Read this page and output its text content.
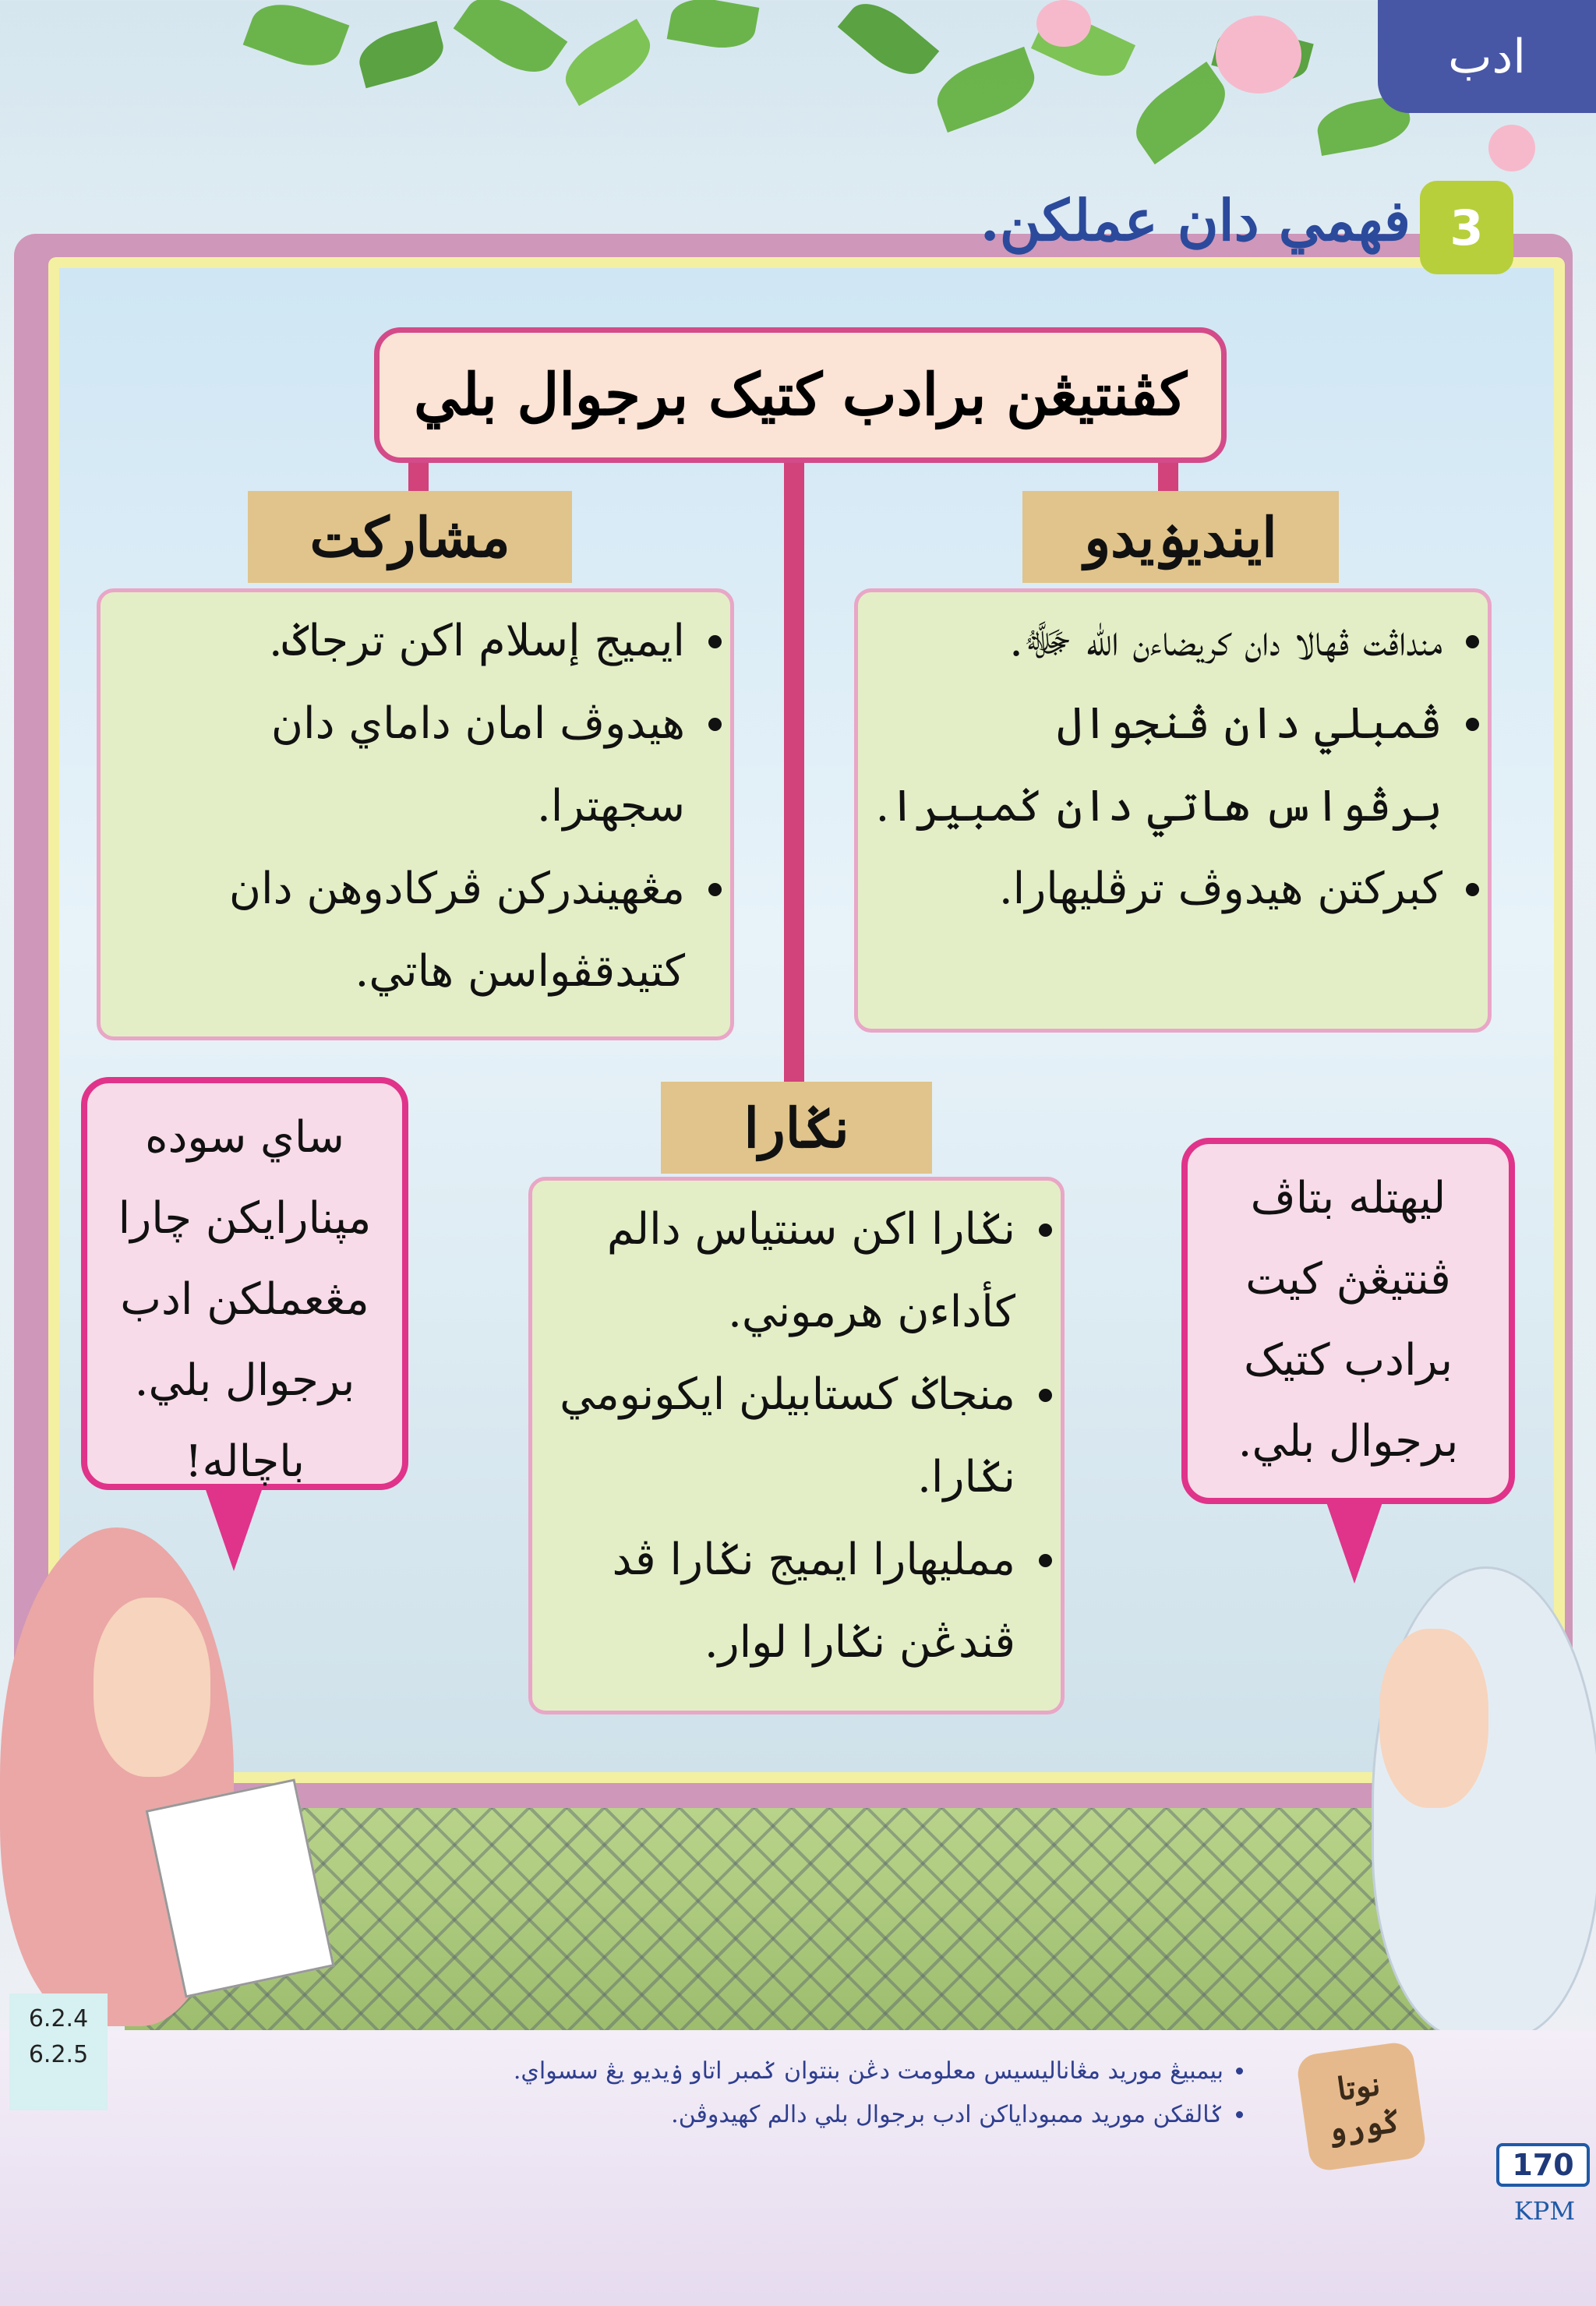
ادب
فهمي دان عملكن. 3
كڤنتيڠن برادب كتيک برجوال بلي
اينديۏيدو
• منداڤت ڤهالا دان كريضاءن الله ﷻ.
• ڤمبلي دان ڤنجوال برڤواس هاتي دان ݢمبيرا.
• كبركتن هيدوڤ ترڤليهارا.
مشاركت
• ايميج إسلام اکن ترجاݢ.
• هيدوڤ امان داماي دان سجهترا.
• مڠهيندركن ڤركادوهن دان كتيدقڤواسن هاتي.
نݢارا
• نݢارا اکن سنتياس دالم كأداءن هرموني.
• منجاݢ كستابيلن ايكونومي نݢارا.
• مملیهارا ايميج نݢارا ڤد ڤندڠن نݢارا لوار.
ليهتله بتاڤ ڤنتيڠڽ كيت برادب كتيک برجوال بلي.
ساي سوده مپنارايكن چارا مڠعملكن ادب برجوال بلي. باچاله!
6.2.4
6.2.5
• بيمبيڠ موريد مڠاناليسيس معلومت دڠن بنتوان ݢمبر اتاو ۏيديو يڠ سسواي.
• ݢالقكن موريد ممبوداياکن ادب برجوال بلي دالم كهيدوڤن.
نوتا
ݢورو
170
KPM
